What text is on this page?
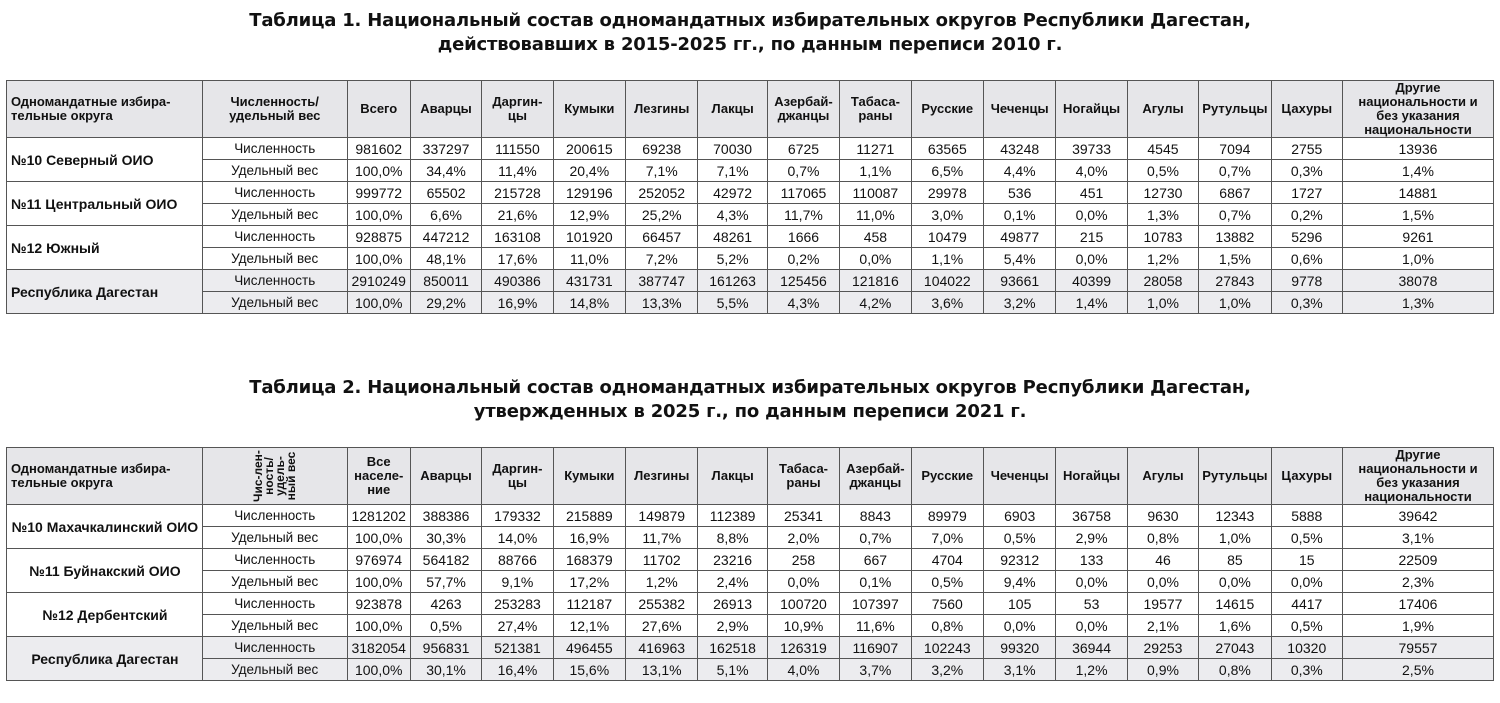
Таблица 1. Национальный состав одномандатных избирательных округов Республики Дагестан,
действовавших в 2015-2025 гг., по данным переписи 2010 г.
Одномандатные избира-тельные округа	Численность/ удельный вес	Всего	Аварцы	Даргин-цы	Кумыки	Лезгины	Лакцы	Азербай-джанцы	Табаса-раны	Русские	Чеченцы	Ногайцы	Агулы	Рутульцы	Цахуры	Другие национальности и без указания национальности
№10 Северный ОИО	Численность	981602	337297	111550	200615	69238	70030	6725	11271	63565	43248	39733	4545	7094	2755	13936
	Удельный вес	100,0%	34,4%	11,4%	20,4%	7,1%	7,1%	0,7%	1,1%	6,5%	4,4%	4,0%	0,5%	0,7%	0,3%	1,4%
№11 Центральный ОИО	Численность	999772	65502	215728	129196	252052	42972	117065	110087	29978	536	451	12730	6867	1727	14881
	Удельный вес	100,0%	6,6%	21,6%	12,9%	25,2%	4,3%	11,7%	11,0%	3,0%	0,1%	0,0%	1,3%	0,7%	0,2%	1,5%
№12 Южный	Численность	928875	447212	163108	101920	66457	48261	1666	458	10479	49877	215	10783	13882	5296	9261
	Удельный вес	100,0%	48,1%	17,6%	11,0%	7,2%	5,2%	0,2%	0,0%	1,1%	5,4%	0,0%	1,2%	1,5%	0,6%	1,0%
Республика Дагестан	Численность	2910249	850011	490386	431731	387747	161263	125456	121816	104022	93661	40399	28058	27843	9778	38078
	Удельный вес	100,0%	29,2%	16,9%	14,8%	13,3%	5,5%	4,3%	4,2%	3,6%	3,2%	1,4%	1,0%	1,0%	0,3%	1,3%
Таблица 2. Национальный состав одномандатных избирательных округов Республики Дагестан,
утвержденных в 2025 г., по данным переписи 2021 г.
Одномандатные избира-тельные округа	Чис-лен-ность/ удель-ный вес	Все населе-ние	Аварцы	Даргин-цы	Кумыки	Лезгины	Лакцы	Табаса-раны	Азербай-джанцы	Русские	Чеченцы	Ногайцы	Агулы	Рутульцы	Цахуры	Другие национальности и без указания национальности
№10 Махачкалинский ОИО	Численность	1281202	388386	179332	215889	149879	112389	25341	8843	89979	6903	36758	9630	12343	5888	39642
	Удельный вес	100,0%	30,3%	14,0%	16,9%	11,7%	8,8%	2,0%	0,7%	7,0%	0,5%	2,9%	0,8%	1,0%	0,5%	3,1%
№11 Буйнакский ОИО	Численность	976974	564182	88766	168379	11702	23216	258	667	4704	92312	133	46	85	15	22509
	Удельный вес	100,0%	57,7%	9,1%	17,2%	1,2%	2,4%	0,0%	0,1%	0,5%	9,4%	0,0%	0,0%	0,0%	0,0%	2,3%
№12 Дербентский	Численность	923878	4263	253283	112187	255382	26913	100720	107397	7560	105	53	19577	14615	4417	17406
	Удельный вес	100,0%	0,5%	27,4%	12,1%	27,6%	2,9%	10,9%	11,6%	0,8%	0,0%	0,0%	2,1%	1,6%	0,5%	1,9%
Республика Дагестан	Численность	3182054	956831	521381	496455	416963	162518	126319	116907	102243	99320	36944	29253	27043	10320	79557
	Удельный вес	100,0%	30,1%	16,4%	15,6%	13,1%	5,1%	4,0%	3,7%	3,2%	3,1%	1,2%	0,9%	0,8%	0,3%	2,5%
